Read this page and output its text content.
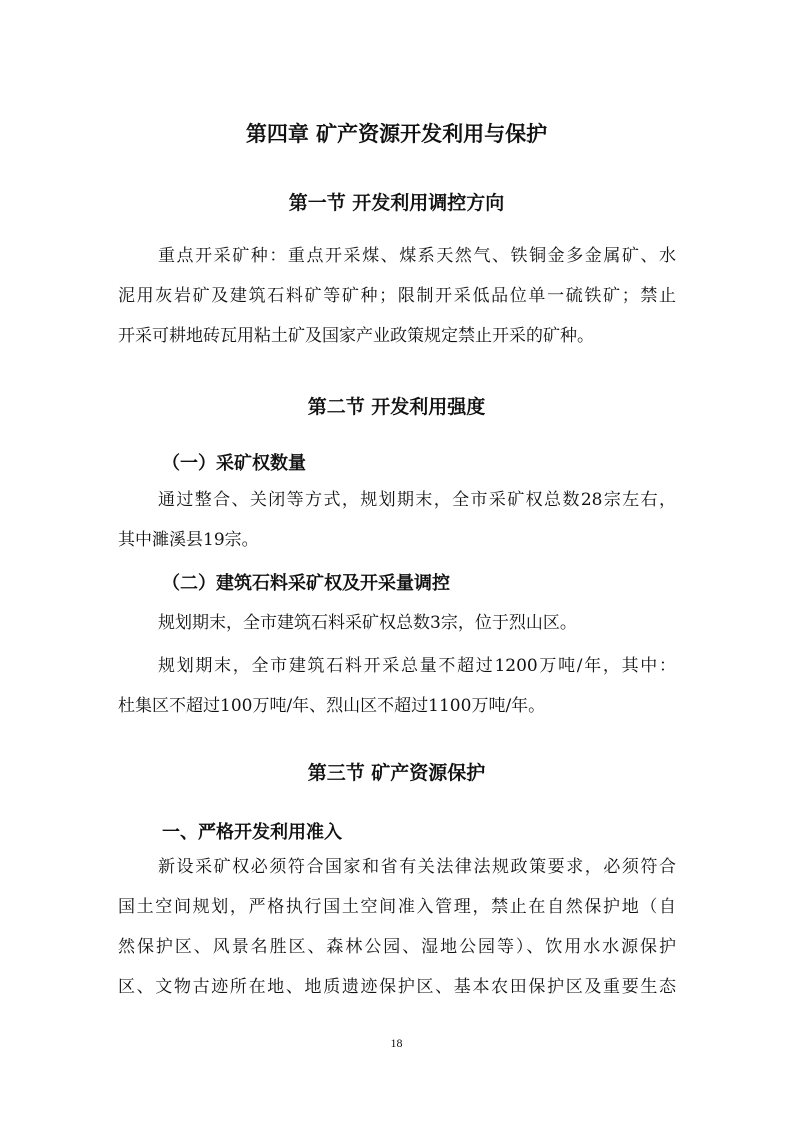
第四章 矿产资源开发利用与保护
第一节 开发利用调控方向
重点开采矿种：重点开采煤、煤系天然气、铁铜金多金属矿、水
泥用灰岩矿及建筑石料矿等矿种；限制开采低品位单一硫铁矿；禁止
开采可耕地砖瓦用粘土矿及国家产业政策规定禁止开采的矿种。
第二节 开发利用强度
（一）采矿权数量
通过整合、关闭等方式，规划期末，全市采矿权总数28宗左右，
其中濉溪县19宗。
（二）建筑石料采矿权及开采量调控
规划期末，全市建筑石料采矿权总数3宗，位于烈山区。
规划期末，全市建筑石料开采总量不超过1200万吨/年，其中：
杜集区不超过100万吨/年、烈山区不超过1100万吨/年。
第三节 矿产资源保护
一、严格开发利用准入
新设采矿权必须符合国家和省有关法律法规政策要求，必须符合
国土空间规划，严格执行国土空间准入管理，禁止在自然保护地（自
然保护区、风景名胜区、森林公园、湿地公园等）、饮用水水源保护
区、文物古迹所在地、地质遗迹保护区、基本农田保护区及重要生态
18
